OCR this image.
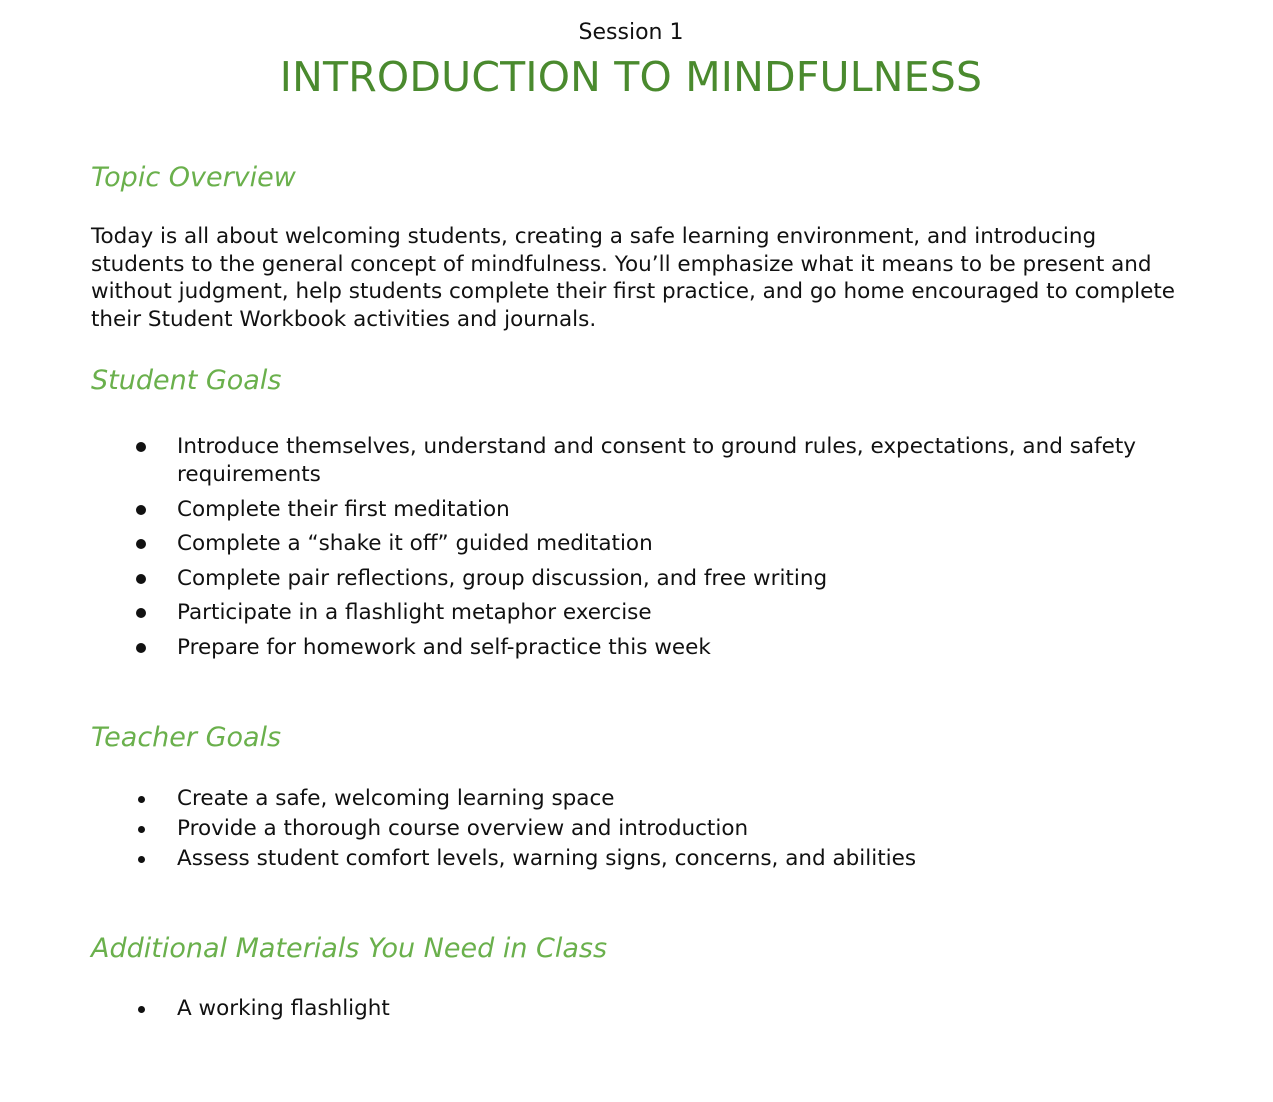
Session 1
INTRODUCTION TO MINDFULNESS
Topic Overview

Today is all about welcoming students, creating a safe learning environment, and introducing students to the general concept of mindfulness. You’ll emphasize what it means to be present and without judgment, help students complete their first practice, and go home encouraged to complete their Student Workbook activities and journals.

Student Goals
Introduce themselves, understand and consent to ground rules, expectations, and safety requirements
Complete their first meditation
Complete a “shake it off” guided meditation
Complete pair reflections, group discussion, and free writing
Participate in a flashlight metaphor exercise
Prepare for homework and self-practice this week
Teacher Goals
Create a safe, welcoming learning space
Provide a thorough course overview and introduction
Assess student comfort levels, warning signs, concerns, and abilities
Additional Materials You Need in Class
A working flashlight
